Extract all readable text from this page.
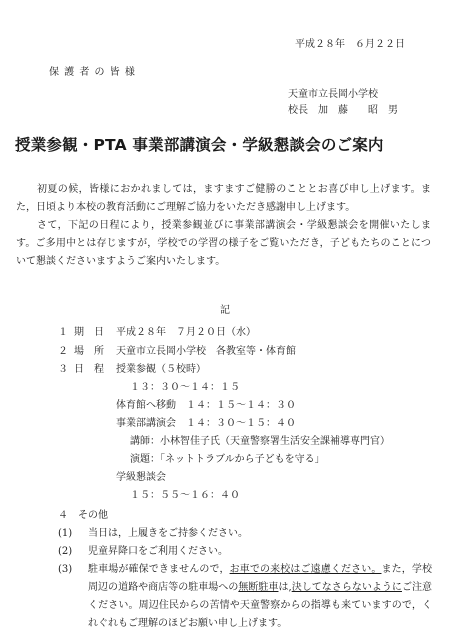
平成２８年　６月２２日
保 護 者 の 皆 様
天童市立長岡小学校
校長　加　藤　　昭　男
授業参観・PTA 事業部講演会・学級懇談会のご案内
初夏の候，皆様におかれましては，ますますご健勝のこととお喜び申し上げます。また，日頃より本校の教育活動にご理解ご協力をいただき感謝申し上げます。
さて，下記の日程により，授業参観並びに事業部講演会・学級懇談会を開催いたします。ご多用中とは存じますが，学校での学習の様子をご覧いただき，子どもたちのことについて懇談くださいますようご案内いたします。
記
１ 期　日 平成２８年　７月２０日（水）
２ 場　所 天童市立長岡小学校　各教室等・体育館
３ 日　程 授業参観（５校時）
１３：３０～１４：１５
体育館へ移動　１４：１５～１４：３０
事業部講演会　１４：３０～１５：４０
講師：小林智佳子氏（天童警察署生活安全課補導専門官）
演題：「ネットトラブルから子どもを守る」
学級懇談会
１５：５５～１６：４０
４　その他
(1) 当日は，上履きをご持参ください。
(2) 児童昇降口をご利用ください。
(3) 駐車場が確保できませんので，お車での来校はご遠慮ください。また，学校周辺の道路や商店等の駐車場への無断駐車は,決してなさらないようにご注意ください。周辺住民からの苦情や天童警察からの指導も来ていますので，くれぐれもご理解のほどお願い申し上げます。
